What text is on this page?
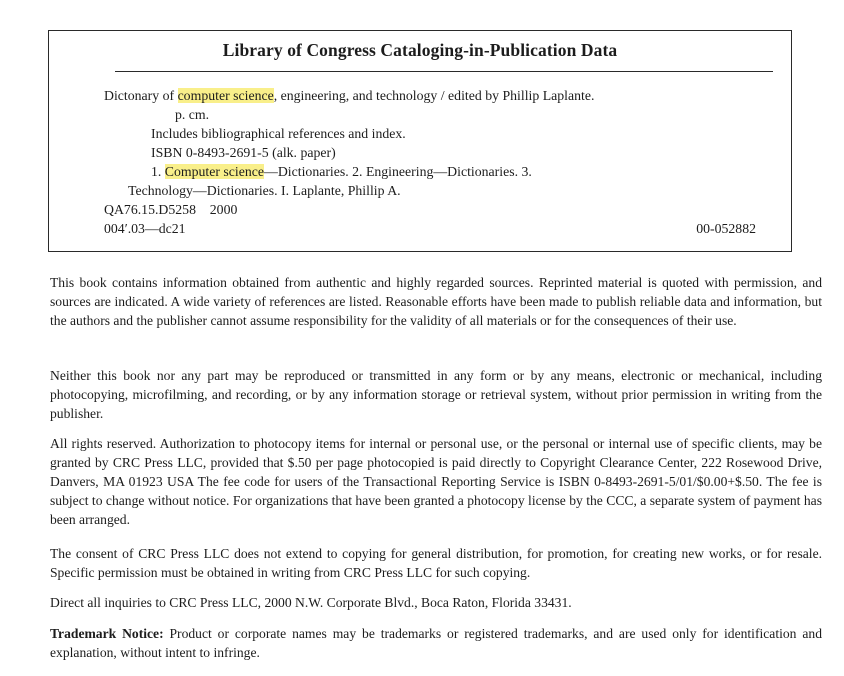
Library of Congress Cataloging-in-Publication Data
Dictonary of computer science, engineering, and technology / edited by Phillip Laplante.
p. cm.
Includes bibliographical references and index.
ISBN 0-8493-2691-5 (alk. paper)
1. Computer science—Dictionaries. 2. Engineering—Dictionaries. 3.
Technology—Dictionaries. I. Laplante, Phillip A.
QA76.15.D5258    2000
004′.03—dc21	00-052882

This book contains information obtained from authentic and highly regarded sources. Reprinted material is quoted with permission, and sources are indicated. A wide variety of references are listed. Reasonable efforts have been made to publish reliable data and information, but the authors and the publisher cannot assume responsibility for the validity of all materials or for the consequences of their use.

Neither this book nor any part may be reproduced or transmitted in any form or by any means, electronic or mechanical, including photocopying, microfilming, and recording, or by any information storage or retrieval system, without prior permission in writing from the publisher.

All rights reserved. Authorization to photocopy items for internal or personal use, or the personal or internal use of specific clients, may be granted by CRC Press LLC, provided that $.50 per page photocopied is paid directly to Copyright Clearance Center, 222 Rosewood Drive, Danvers, MA 01923 USA The fee code for users of the Transactional Reporting Service is ISBN 0-8493-2691-5/01/$0.00+$.50. The fee is subject to change without notice. For organizations that have been granted a photocopy license by the CCC, a separate system of payment has been arranged.

The consent of CRC Press LLC does not extend to copying for general distribution, for promotion, for creating new works, or for resale. Specific permission must be obtained in writing from CRC Press LLC for such copying.

Direct all inquiries to CRC Press LLC, 2000 N.W. Corporate Blvd., Boca Raton, Florida 33431.

Trademark Notice: Product or corporate names may be trademarks or registered trademarks, and are used only for identification and explanation, without intent to infringe.
